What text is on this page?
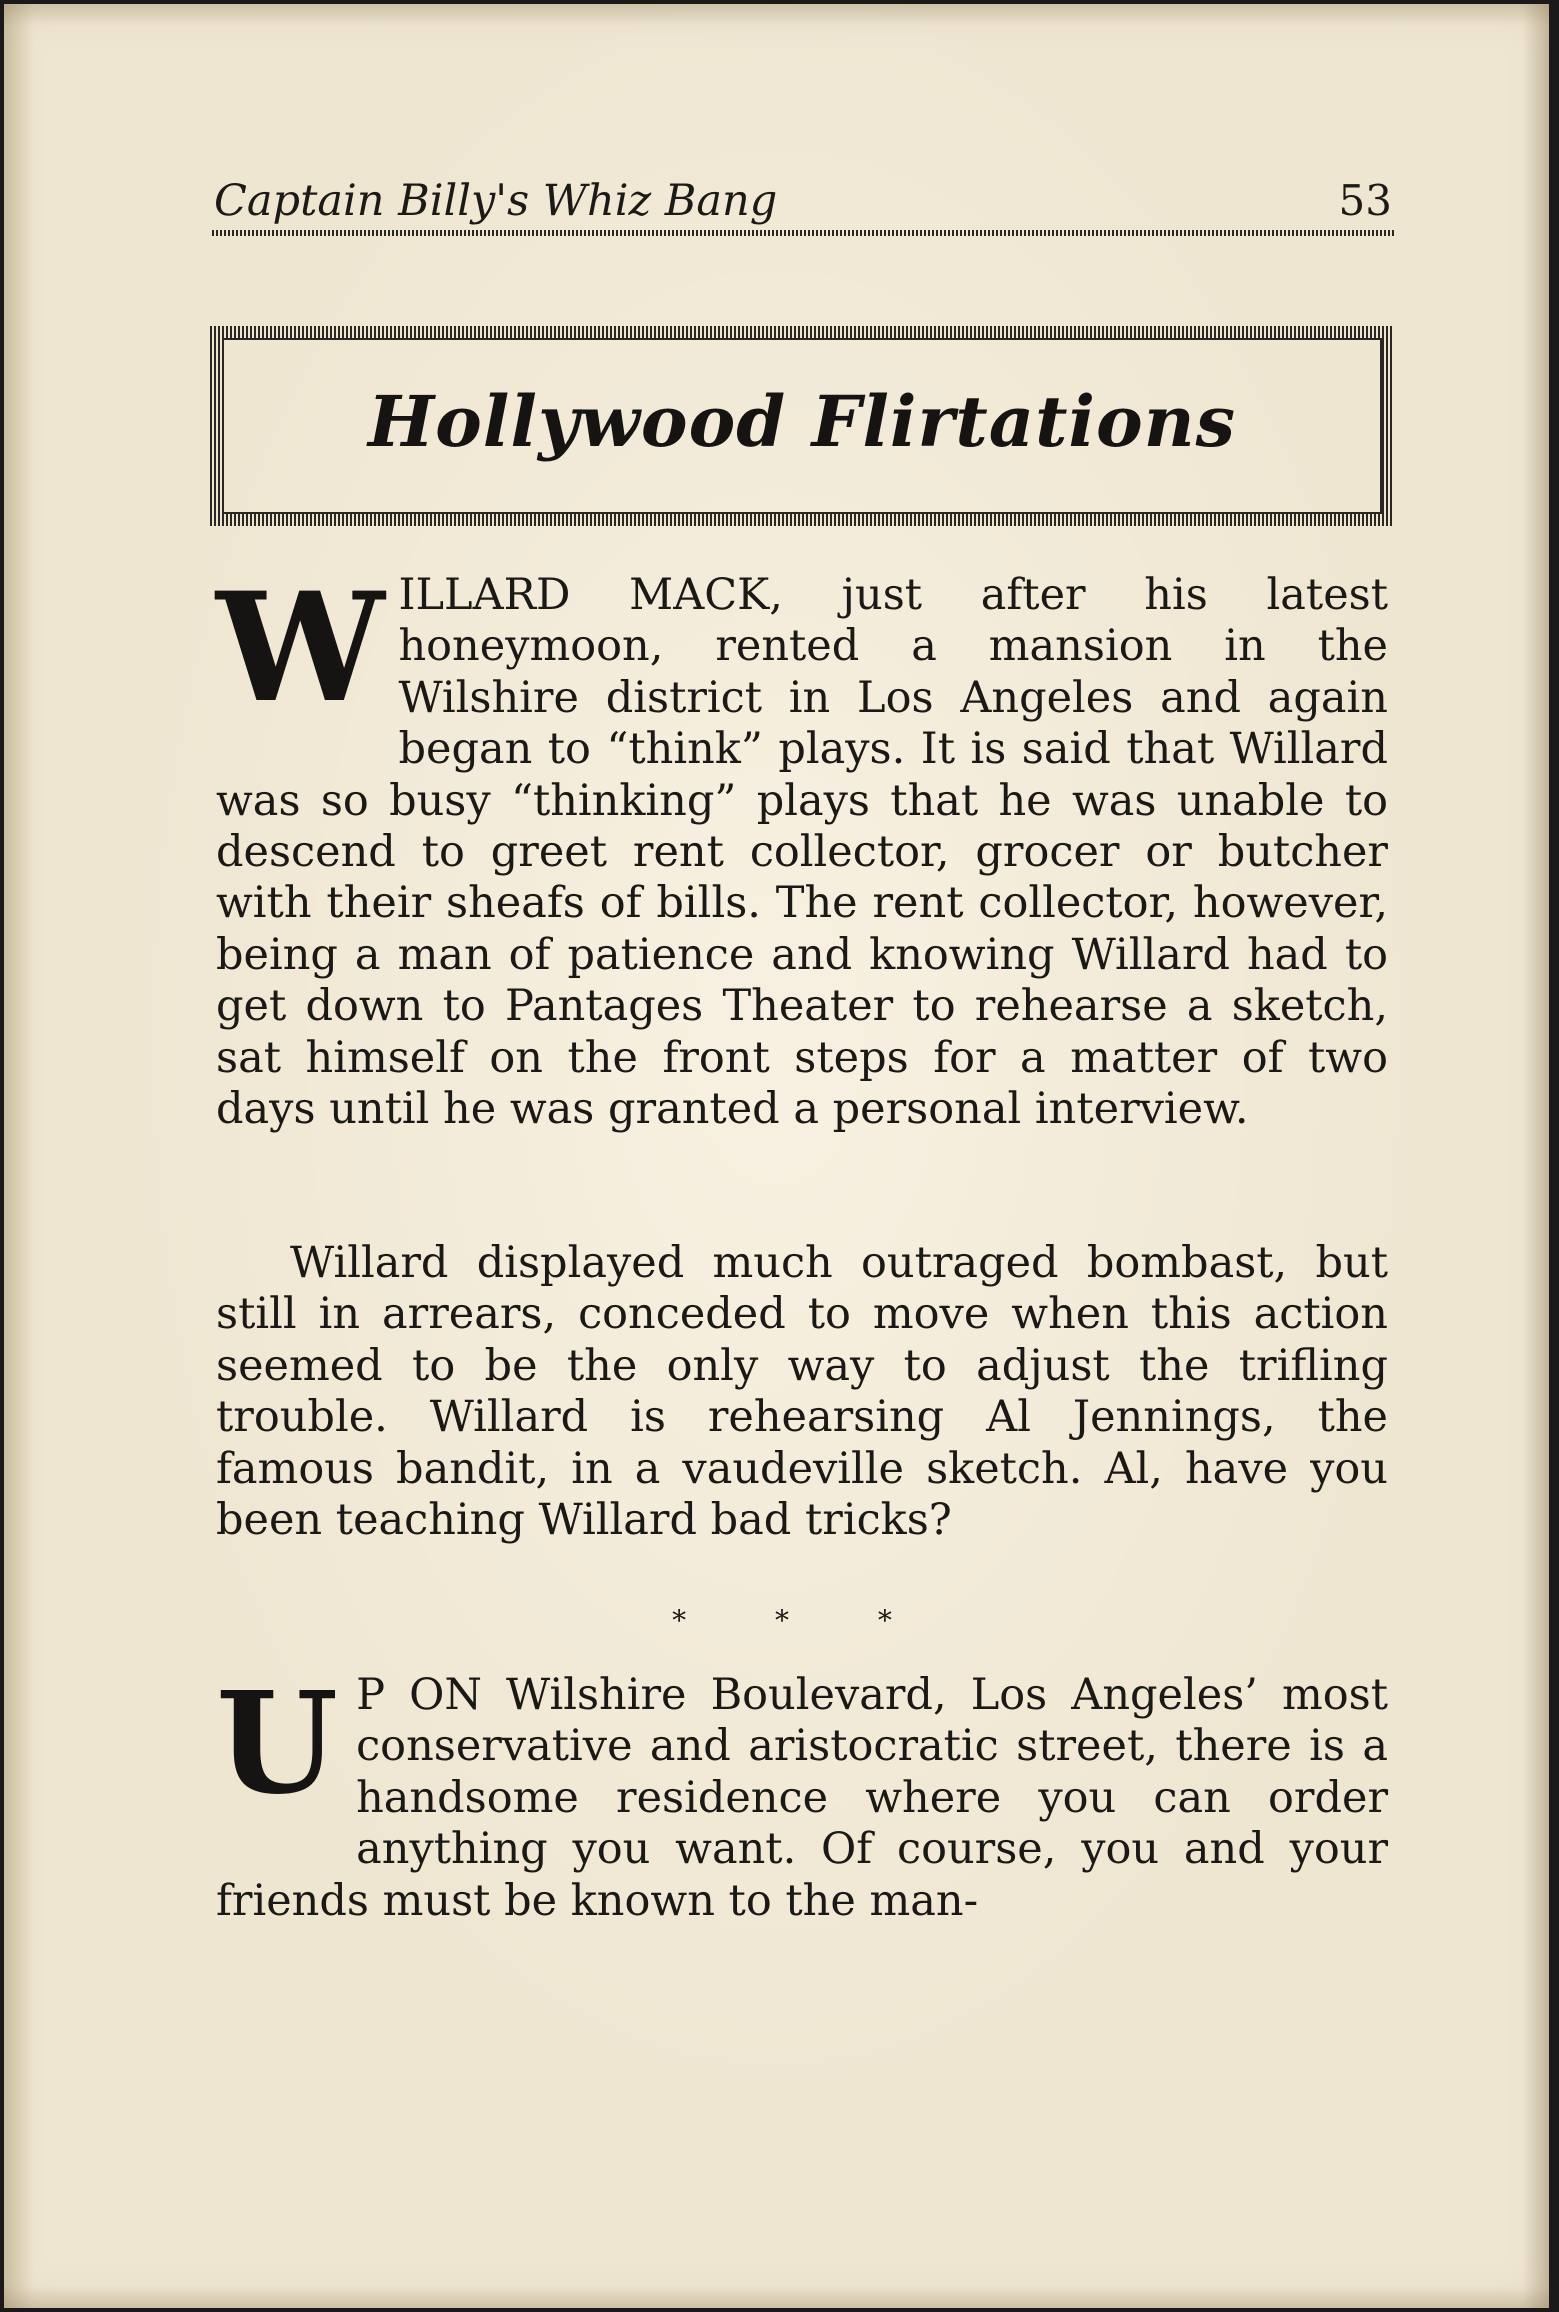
Captain Billy's Whiz Bang	53
Hollywood Flirtations
W ILLARD MACK, just after his latest honeymoon, rented a mansion in the Wilshire district in Los Angeles and again began to “think” plays. It is said that Willard was so busy “thinking” plays that he was unable to descend to greet rent collector, grocer or butcher with their sheafs of bills. The rent collector, however, being a man of patience and knowing Willard had to get down to Pantages Theater to rehearse a sketch, sat himself on the front steps for a matter of two days until he was granted a personal interview.

Willard displayed much outraged bombast, but still in arrears, conceded to move when this action seemed to be the only way to adjust the trifling trouble. Willard is rehearsing Al Jennings, the famous bandit, in a vaudeville sketch. Al, have you been teaching Willard bad tricks?

* * *
U P ON Wilshire Boulevard, Los Angeles’ most conservative and aristocratic street, there is a handsome residence where you can order anything you want. Of course, you and your friends must be known to the man-
